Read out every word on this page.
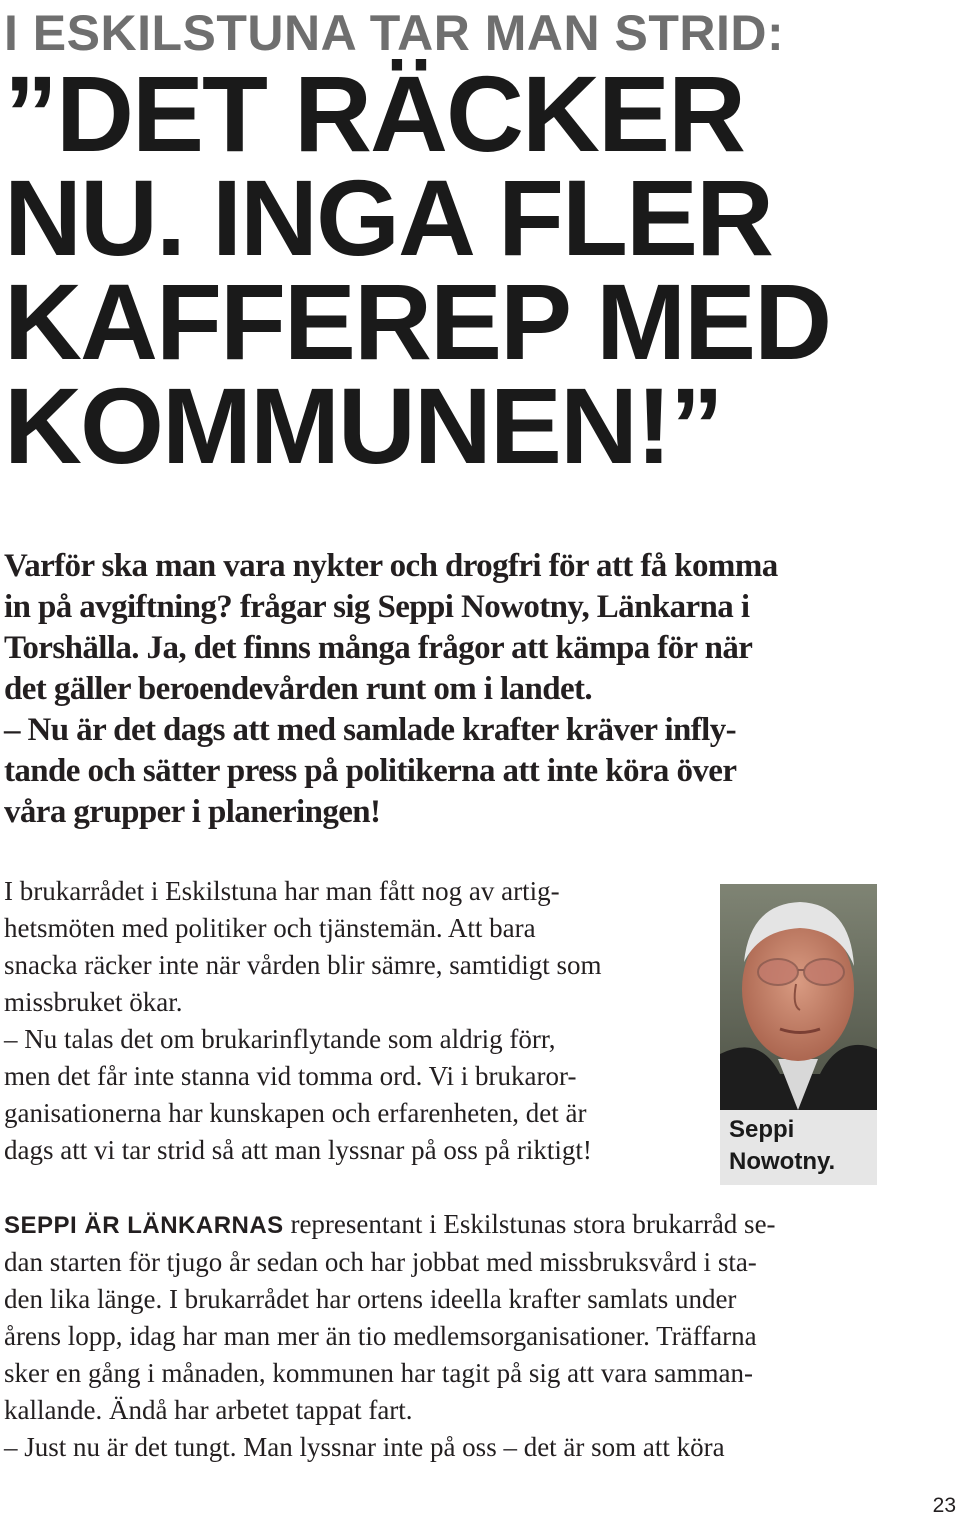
I ESKILSTUNA TAR MAN STRID:
”DET RÄCKER
NU. INGA FLER
KAFFEREP MED
KOMMUNEN!”
Varför ska man vara nykter och drogfri för att få komma
in på avgiftning? frågar sig Seppi Nowotny, Länkarna i
Torshälla. Ja, det finns många frågor att kämpa för när
det gäller beroendevården runt om i landet.
– Nu är det dags att med samlade krafter kräver infly-
tande och sätter press på politikerna att inte köra över
våra grupper i planeringen!
I brukarrådet i Eskilstuna har man fått nog av artig-
hetsmöten med politiker och tjänstemän. Att bara
snacka räcker inte när vården blir sämre, samtidigt som
missbruket ökar.
– Nu talas det om brukarinflytande som aldrig förr,
men det får inte stanna vid tomma ord. Vi i brukaror-
ganisationerna har kunskapen och erfarenheten, det är
dags att vi tar strid så att man lyssnar på oss på riktigt!
Seppi
Nowotny.
SEPPI ÄR LÄNKARNAS representant i Eskilstunas stora brukarråd se-
dan starten för tjugo år sedan och har jobbat med missbruksvård i sta-
den lika länge. I brukarrådet har ortens ideella krafter samlats under
årens lopp, idag har man mer än tio medlemsorganisationer. Träffarna
sker en gång i månaden, kommunen har tagit på sig att vara samman-
kallande. Ändå har arbetet tappat fart.
– Just nu är det tungt. Man lyssnar inte på oss – det är som att köra
23
